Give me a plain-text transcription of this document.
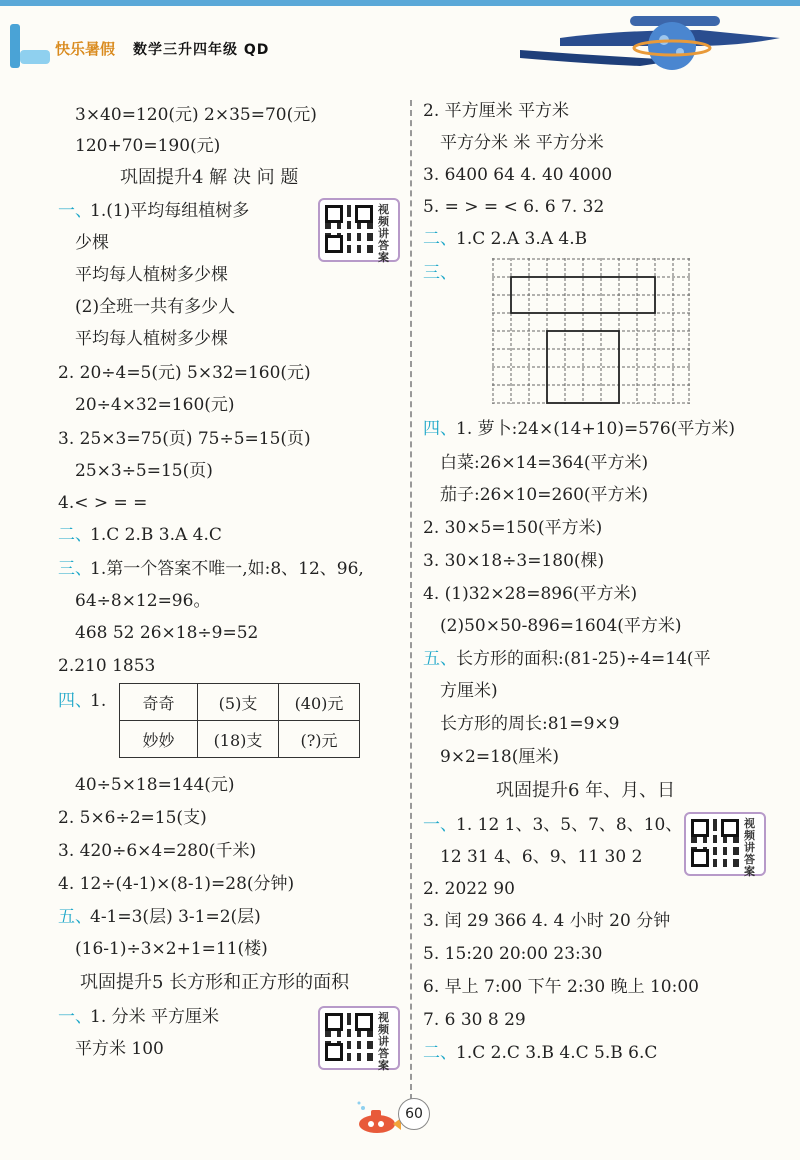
快乐暑假 数学三升四年级 QD
3×40=120(元) 2×35=70(元)
120+70=190(元)
巩固提升4 解 决 问 题
一、
1.(1)平均每组植树多
少棵
平均每人植树多少棵
(2)全班一共有多少人
平均每人植树多少棵
视频讲答案
2. 20÷4=5(元) 5×32=160(元)
20÷4×32=160(元)
3. 25×3=75(页) 75÷5=15(页)
25×3÷5=15(页)
4.< > = =
二、
1.C 2.B 3.A 4.C
三、
1.第一个答案不唯一,如:8、12、96,
64÷8×12=96。
468 52 26×18÷9=52
2.210 1853
四、
1. 奇奇	(5)支	(40)元
妙妙	(18)支	(?)元
40÷5×18=144(元)
2. 5×6÷2=15(支)
3. 420÷6×4=280(千米)
4. 12÷(4-1)×(8-1)=28(分钟)
五、
4-1=3(层) 3-1=2(层)
(16-1)÷3×2+1=11(楼)
巩固提升5 长方形和正方形的面积
一、
1. 分米 平方厘米
平方米 100
视频讲答案
2. 平方厘米 平方米
平方分米 米 平方分米
3. 6400 64 4. 40 4000
5. = > = < 6. 6 7. 32
二、 1.C 2.A 3.A 4.B
三、
四、 1. 萝卜:24×(14+10)=576(平方米)
白菜:26×14=364(平方米)
茄子:26×10=260(平方米)
2. 30×5=150(平方米)
3. 30×18÷3=180(棵)
4. (1)32×28=896(平方米)
(2)50×50-896=1604(平方米)
五、 长方形的面积:(81-25)÷4=14(平
方厘米)
长方形的周长:81=9×9
9×2=18(厘米)
巩固提升6 年、月、日
一、 1. 12 1、3、5、7、8、10、
12 31 4、6、9、11 30 2
视频讲答案
2. 2022 90
3. 闰 29 366 4. 4 小时 20 分钟
5. 15:20 20:00 23:30
6. 早上 7:00 下午 2:30 晚上 10:00
7. 6 30 8 29
二、 1.C 2.C 3.B 4.C 5.B 6.C
60
